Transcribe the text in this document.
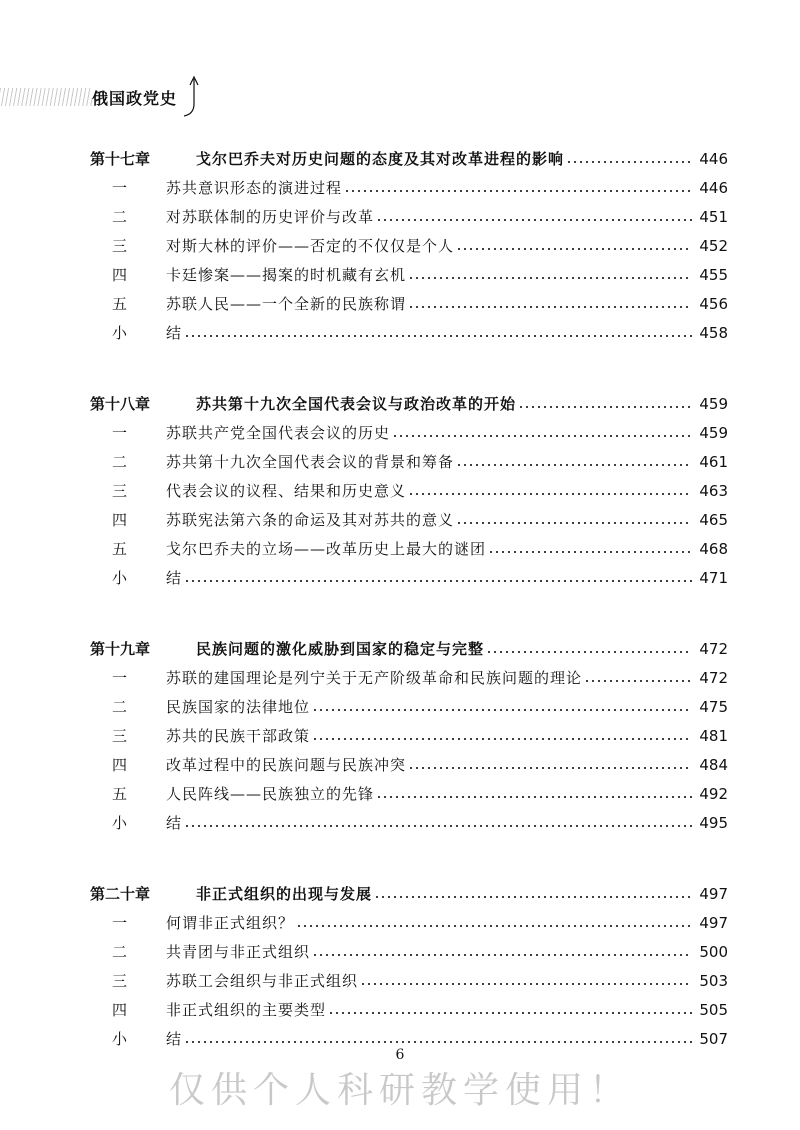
俄国政党史
第十七章	戈尔巴乔夫对历史问题的态度及其对改革进程的影响	446
一	苏共意识形态的演进过程	446
二	对苏联体制的历史评价与改革	451
三	对斯大林的评价——否定的不仅仅是个人	452
四	卡廷惨案——揭案的时机藏有玄机	455
五	苏联人民——一个全新的民族称谓	456
小	结	458
第十八章	苏共第十九次全国代表会议与政治改革的开始	459
一	苏联共产党全国代表会议的历史	459
二	苏共第十九次全国代表会议的背景和筹备	461
三	代表会议的议程、结果和历史意义	463
四	苏联宪法第六条的命运及其对苏共的意义	465
五	戈尔巴乔夫的立场——改革历史上最大的谜团	468
小	结	471
第十九章	民族问题的激化威胁到国家的稳定与完整	472
一	苏联的建国理论是列宁关于无产阶级革命和民族问题的理论	472
二	民族国家的法律地位	475
三	苏共的民族干部政策	481
四	改革过程中的民族问题与民族冲突	484
五	人民阵线——民族独立的先锋	492
小	结	495
第二十章	非正式组织的出现与发展	497
一	何谓非正式组织？	497
二	共青团与非正式组织	500
三	苏联工会组织与非正式组织	503
四	非正式组织的主要类型	505
小	结	507
6
仅供个人科研教学使用！
